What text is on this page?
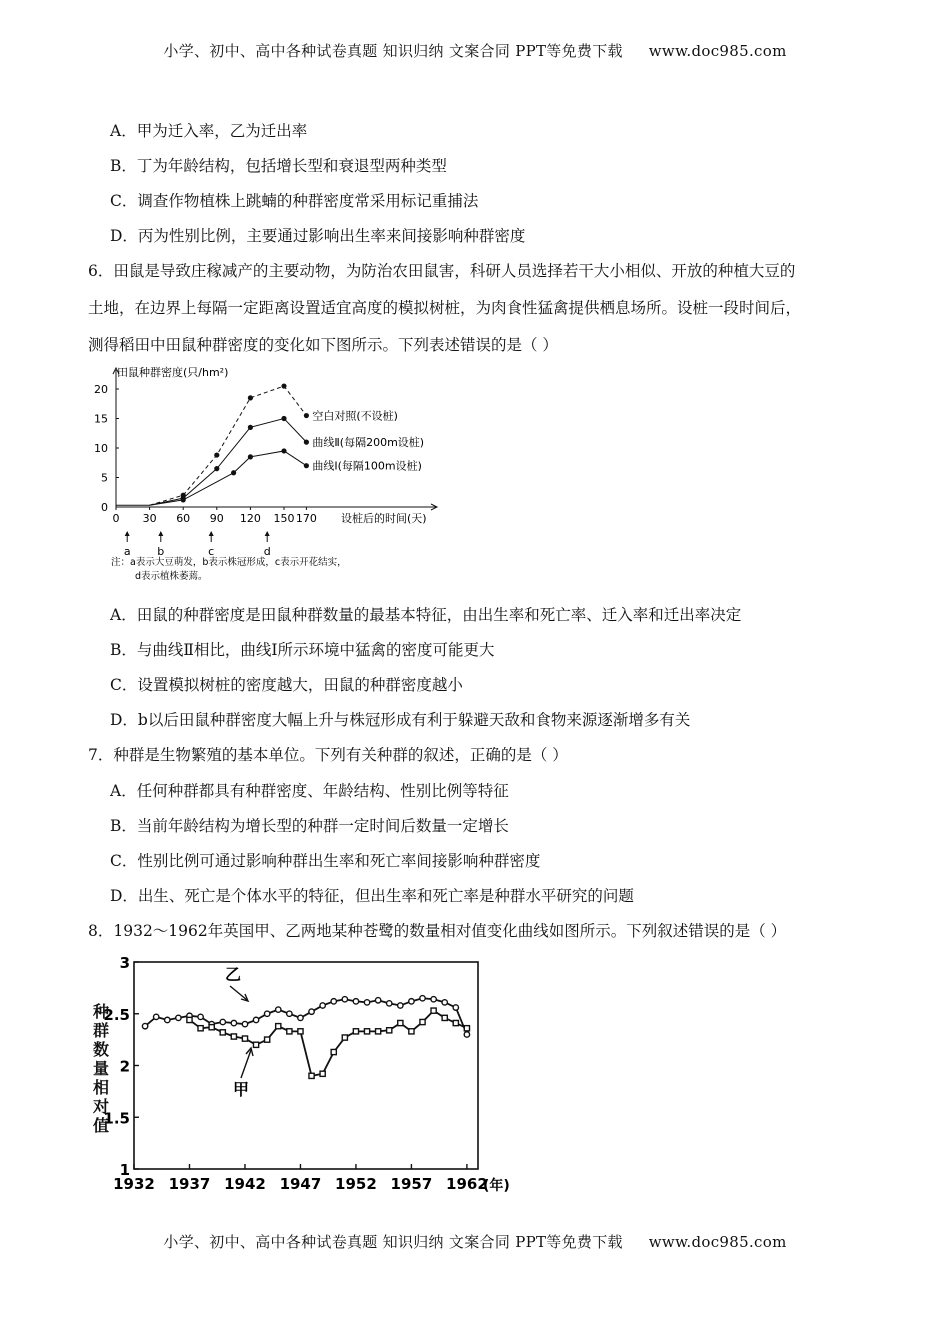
小学、初中、高中各种试卷真题 知识归纳 文案合同 PPT等免费下载 www.doc985.com
A．甲为迁入率，乙为迁出率
B．丁为年龄结构，包括增长型和衰退型两种类型
C．调查作物植株上跳蝻的种群密度常采用标记重捕法
D．丙为性别比例，主要通过影响出生率来间接影响种群密度
6．田鼠是导致庄稼减产的主要动物，为防治农田鼠害，科研人员选择若干大小相似、开放的种植大豆的
土地，在边界上每隔一定距离设置适宜高度的模拟树桩，为肉食性猛禽提供栖息场所。设桩一段时间后，
测得稻田中田鼠种群密度的变化如下图所示。下列表述错误的是（ ）
0
5
10
15
20
0 30 60 90 120 150 170
空白对照(不设桩)
曲线Ⅱ(每隔200m设桩)
曲线Ⅰ(每隔100m设桩)
a b	c	d
田鼠种群密度(只/hm²)
设桩后的时间(天)
注：a表示大豆萌发，b表示株冠形成，c表示开花结实，
d表示植株萎蔫。
A．田鼠的种群密度是田鼠种群数量的最基本特征，由出生率和死亡率、迁入率和迁出率决定
B．与曲线Ⅱ相比，曲线Ⅰ所示环境中猛禽的密度可能更大
C．设置模拟树桩的密度越大，田鼠的种群密度越小
D．b以后田鼠种群密度大幅上升与株冠形成有利于躲避天敌和食物来源逐渐增多有关
7．种群是生物繁殖的基本单位。下列有关种群的叙述，正确的是（ ）
A．任何种群都具有种群密度、年龄结构、性别比例等特征
B．当前年龄结构为增长型的种群一定时间后数量一定增长
C．性别比例可通过影响种群出生率和死亡率间接影响种群密度
D．出生、死亡是个体水平的特征，但出生率和死亡率是种群水平研究的问题
8．1932～1962年英国甲、乙两地某种苍鹭的数量相对值变化曲线如图所示。下列叙述错误的是（ ）
1
1.5
2
2.5
3
1932 1937 1942 1947 1952 1957 1962
乙
甲
(年)
种群数量相对值
小学、初中、高中各种试卷真题 知识归纳 文案合同 PPT等免费下载 www.doc985.com
